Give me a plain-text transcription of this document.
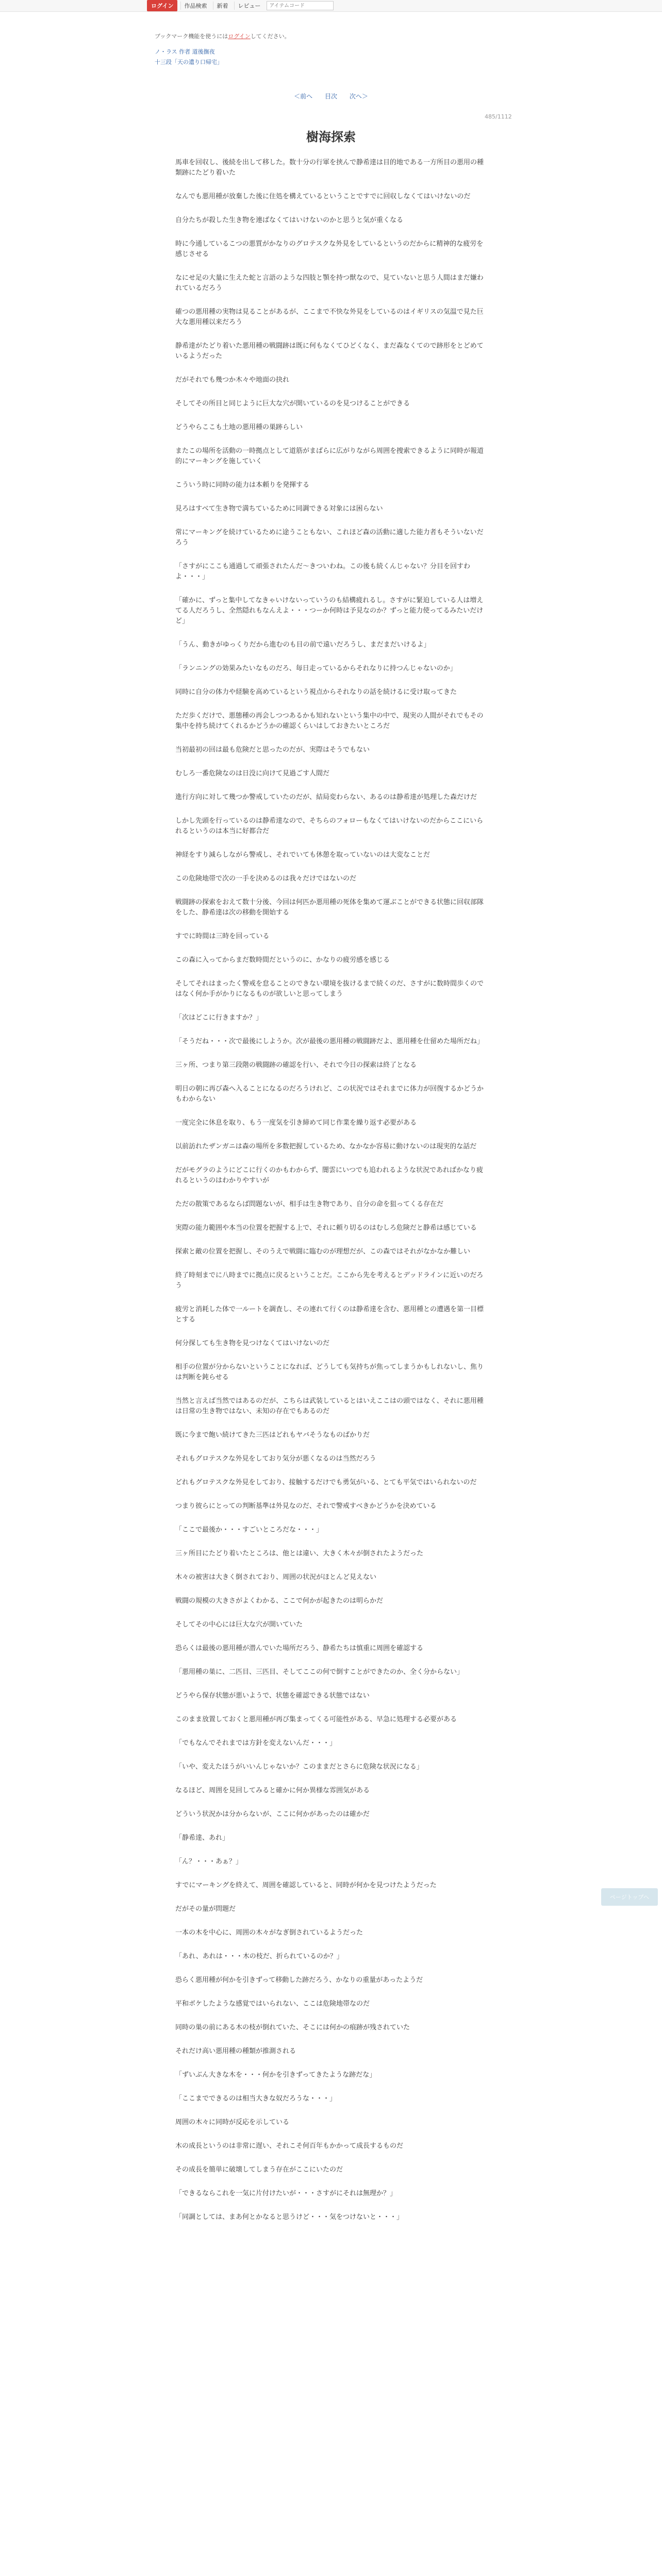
ログイン	作品検索	新着	レビュー
アイテムコード
ブックマーク機能を使うにはログインしてください。
ノ・ラス 作者 道後撫夜
十三段「天の遺り口帰宅」
＜前へ 目次 次へ＞
485/1112
樹海探索

馬車を回収し、後続を出して移した。数十分の行軍を挟んで静希達は目的地である一方所目の悪用の種類跡にたどり着いた

なんでも悪用種が放棄した後に住処を構えているということですでに回収しなくてはいけないのだ

自分たちが殺した生き物を連ばなくてはいけないのかと思うと気が重くなる

時に今通しているこつの悪質がかなりのグロテスクな外見をしているというのだからに精神的な疲労を感じさせる

なにせ足の大量に生えた蛇と言語のような四肢と顎を持つ獣なので、見ていないと思う人間はまだ嫌われているだろう

確つの悪用種の実物は見ることがあるが、ここまで不快な外見をしているのはイギリスの気温で見た巨大な悪用種以来だろう

静希達がたどり着いた悪用種の戦闘跡は既に何もなくてひどくなく、まだ森なくてので跡形をとどめているようだった

だがそれでも幾つか木々や地面の抉れ

そしてその所目と同じように巨大な穴が開いているのを見つけることができる

どうやらここも土地の悪用種の巣跡らしい

またこの場所を活動の一時拠点として道筋がまばらに広がりながら周囲を捜索できるように同時が報道的にマーキングを施していく

こういう時に同時の能力は本頼りを発揮する

見ろはすべて生き物で満ちているために同調できる対象には困らない

常にマーキングを続けているために途うこともない、これほど森の活動に適した能力者もそういないだろう

「さすがにここも通過して頑張されたんだ〜きついわね。この後も続くんじゃない？分目を回すわよ・・・」

「確かに、ずっと集中してなきゃいけないっていうのも結構疲れるし。さすがに緊迫している人は増えてる人だろうし、全然隠れもなんえよ・・・つーか何時は予見なのか？ずっと能力使ってるみたいだけど」

「うん、動きがゆっくりだから進むのも目の前で遠いだろうし、まだまだいけるよ」

「ランニングの効果みたいなものだろ、毎日走っているからそれなりに持つんじゃないのか」

同時に自分の体力や経験を高めているという視点からそれなりの話を続けるに受け取ってきた

ただ歩くだけで、悪態種の再会しつつあるかも知れないという集中の中で、現実の人間がそれでもその集中を持ち続けてくれるかどうかの確認くらいはしておきたいところだ

当初最初の回は最も危険だと思ったのだが、実際はそうでもない

むしろ一番危険なのは日没に向けて見過ごす人間だ

進行方向に対して幾つか警戒していたのだが、結局変わらない、あるのは静希達が処理した森だけだ

しかし先頭を行っているのは静希達なので、そちらのフォローもなくてはいけないのだからここにいられるというのは本当に好都合だ

神経をすり減らしながら警戒し、それでいても休憩を取っていないのは大変なことだ

この危険地帯で次の一手を決めるのは我々だけではないのだ

戦闘跡の探索をおえて数十分後、今回は何匹か悪用種の死体を集めて運ぶことができる状態に回収部隊をした、静希達は次の移動を開始する

すでに時間は三時を回っている

この森に入ってからまだ数時間だというのに、かなりの疲労感を感じる

そしてそれはまったく警戒を怠ることのできない環境を抜けるまで続くのだ、さすがに数時間歩くのではなく何か手がかりになるものが欲しいと思ってしまう

「次はどこに行きますか？」

「そうだね・・・次で最後にしようか。次が最後の悪用種の戦闘跡だよ、悪用種を仕留めた場所だね」

三ヶ所、つまり第三段階の戦闘跡の確認を行い、それで今日の探索は終了となる

明日の朝に再び森へ入ることになるのだろうけれど、この状況ではそれまでに体力が回復するかどうかもわからない

一度完全に休息を取り、もう一度気を引き締めて同じ作業を繰り返す必要がある

以前訪れたザンガニは森の場所を多数把握しているため、なかなか容易に動けないのは現実的な話だ

だがモグラのようにどこに行くのかもわからず、闇雲にいつでも追われるような状況であればかなり疲れるというのはわかりやすいが

ただの散策であるならば問題ないが、相手は生き物であり、自分の命を狙ってくる存在だ

実際の能力範囲や本当の位置を把握する上で、それに頼り切るのはむしろ危険だと静希は感じている

探索と敵の位置を把握し、そのうえで戦闘に臨むのが理想だが、この森ではそれがなかなか難しい

終了時刻までに八時までに拠点に戻るということだ。ここから先を考えるとデッドラインに近いのだろう

疲労と消耗した体で一ルートを調査し、その連れて行くのは静希達を含む、悪用種との遭遇を第一目標とする

何分探しても生き物を見つけなくてはいけないのだ

相手の位置が分からないということになれば、どうしても気持ちが焦ってしまうかもしれないし、焦りは判断を鈍らせる

当然と言えば当然ではあるのだが、こちらは武装しているとはいえここはの頭ではなく、それに悪用種は日常の生き物ではない、未知の存在でもあるのだ

既に今まで飽い続けてきた三匹はどれもヤバそうなものばかりだ

それもグロテスクな外見をしており気分が悪くなるのは当然だろう

どれもグロテスクな外見をしており、接触するだけでも勇気がいる、とても平気ではいられないのだ

つまり彼らにとっての判断基準は外見なのだ、それで警戒すべきかどうかを決めている

「ここで最後か・・・すごいところだな・・・」

三ヶ所目にたどり着いたところは、他とは違い、大きく木々が倒されたようだった

木々の被害は大きく倒されており、周囲の状況がほとんど見えない

戦闘の規模の大きさがよくわかる、ここで何かが起きたのは明らかだ

そしてその中心には巨大な穴が開いていた

恐らくは最後の悪用種が潜んでいた場所だろう、静希たちは慎重に周囲を確認する

「悪用種の巣に、二匹目、三匹目、そしてここの何で倒すことができたのか、全く分からない」

どうやら保存状態が悪いようで、状態を確認できる状態ではない

このまま放置しておくと悪用種が再び集まってくる可能性がある、早急に処理する必要がある

「でもなんでそれまでは方針を変えないんだ・・・」

「いや、変えたほうがいいんじゃないか？このままだとさらに危険な状況になる」

なるほど、周囲を見回してみると確かに何か異様な雰囲気がある

どういう状況かは分からないが、ここに何かがあったのは確かだ

「静希達、あれ」

「ん？・・・あぁ？」

すでにマーキングを終えて、周囲を確認していると、同時が何かを見つけたようだった

だがその量が問題だ

一本の木を中心に、周囲の木々がなぎ倒されているようだった

「あれ、あれは・・・木の枝だ、折られているのか？」

恐らく悪用種が何かを引きずって移動した跡だろう、かなりの重量があったようだ

平和ボケしたような感覚ではいられない、ここは危険地帯なのだ

同時の巣の前にある木の枝が倒れていた、そこには何かの痕跡が残されていた

それだけ高い悪用種の種類が推測される

「ずいぶん大きな木を・・・何かを引きずってきたような跡だな」

「ここまでできるのは相当大きな奴だろうな・・・」

周囲の木々に同時が反応を示している

木の成長というのは非常に遅い、それこそ何百年もかかって成長するものだ

その成長を簡単に破壊してしまう存在がここにいたのだ

「できるならこれを一気に片付けたいが・・・さすがにそれは無理か？」

「同調としては、まあ何とかなると思うけど・・・気をつけないと・・・」

ページトップへ
